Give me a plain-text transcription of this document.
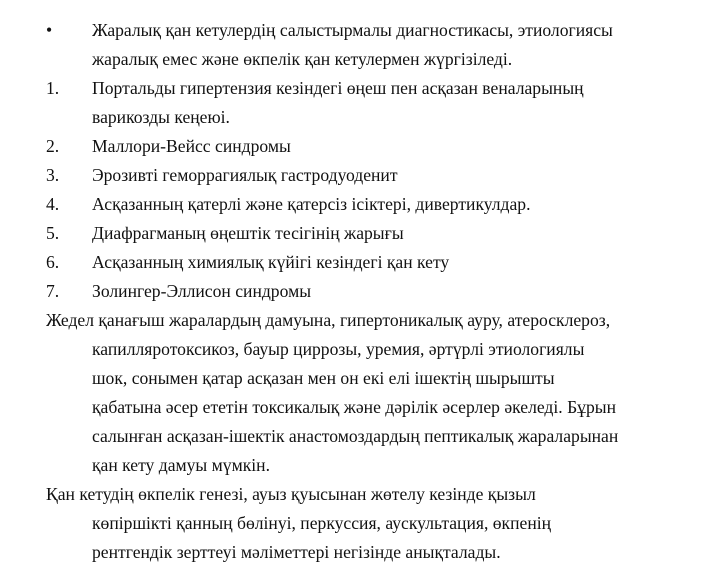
• Жаралық қан кетулердің салыстырмалы диагностикасы, этиологиясы
жаралық емес және өкпелік қан кетулермен жүргізіледі.
1. Портальды гипертензия кезіндегі өңеш пен асқазан веналарының
варикозды кеңеюі.
2. Маллори-Вейсс синдромы
3. Эрозивті геморрагиялық гастродуоденит
4. Асқазанның қатерлі және қатерсіз ісіктері, дивертикулдар.
5. Диафрагманың өңештік тесігінің жарығы
6. Асқазанның химиялық күйігі кезіндегі қан кету
7. Золингер-Эллисон синдромы
Жедел қанағыш жаралардың дамуына, гипертоникалық ауру, атеросклероз,
капилляротоксикоз, бауыр циррозы, уремия, әртүрлі этиологиялы
шок, сонымен қатар асқазан мен он екі елі ішектің шырышты
қабатына әсер ететін токсикалық және дәрілік әсерлер әкеледі. Бұрын
салынған асқазан-ішектік анастомоздардың пептикалық жараларынан
қан кету дамуы мүмкін.
Қан кетудің өкпелік генезі, ауыз қуысынан жөтелу кезінде қызыл
көпіршікті қанның бөлінуі, перкуссия, аускультация, өкпенің
рентгендік зерттеуі мәліметтері негізінде анықталады.
